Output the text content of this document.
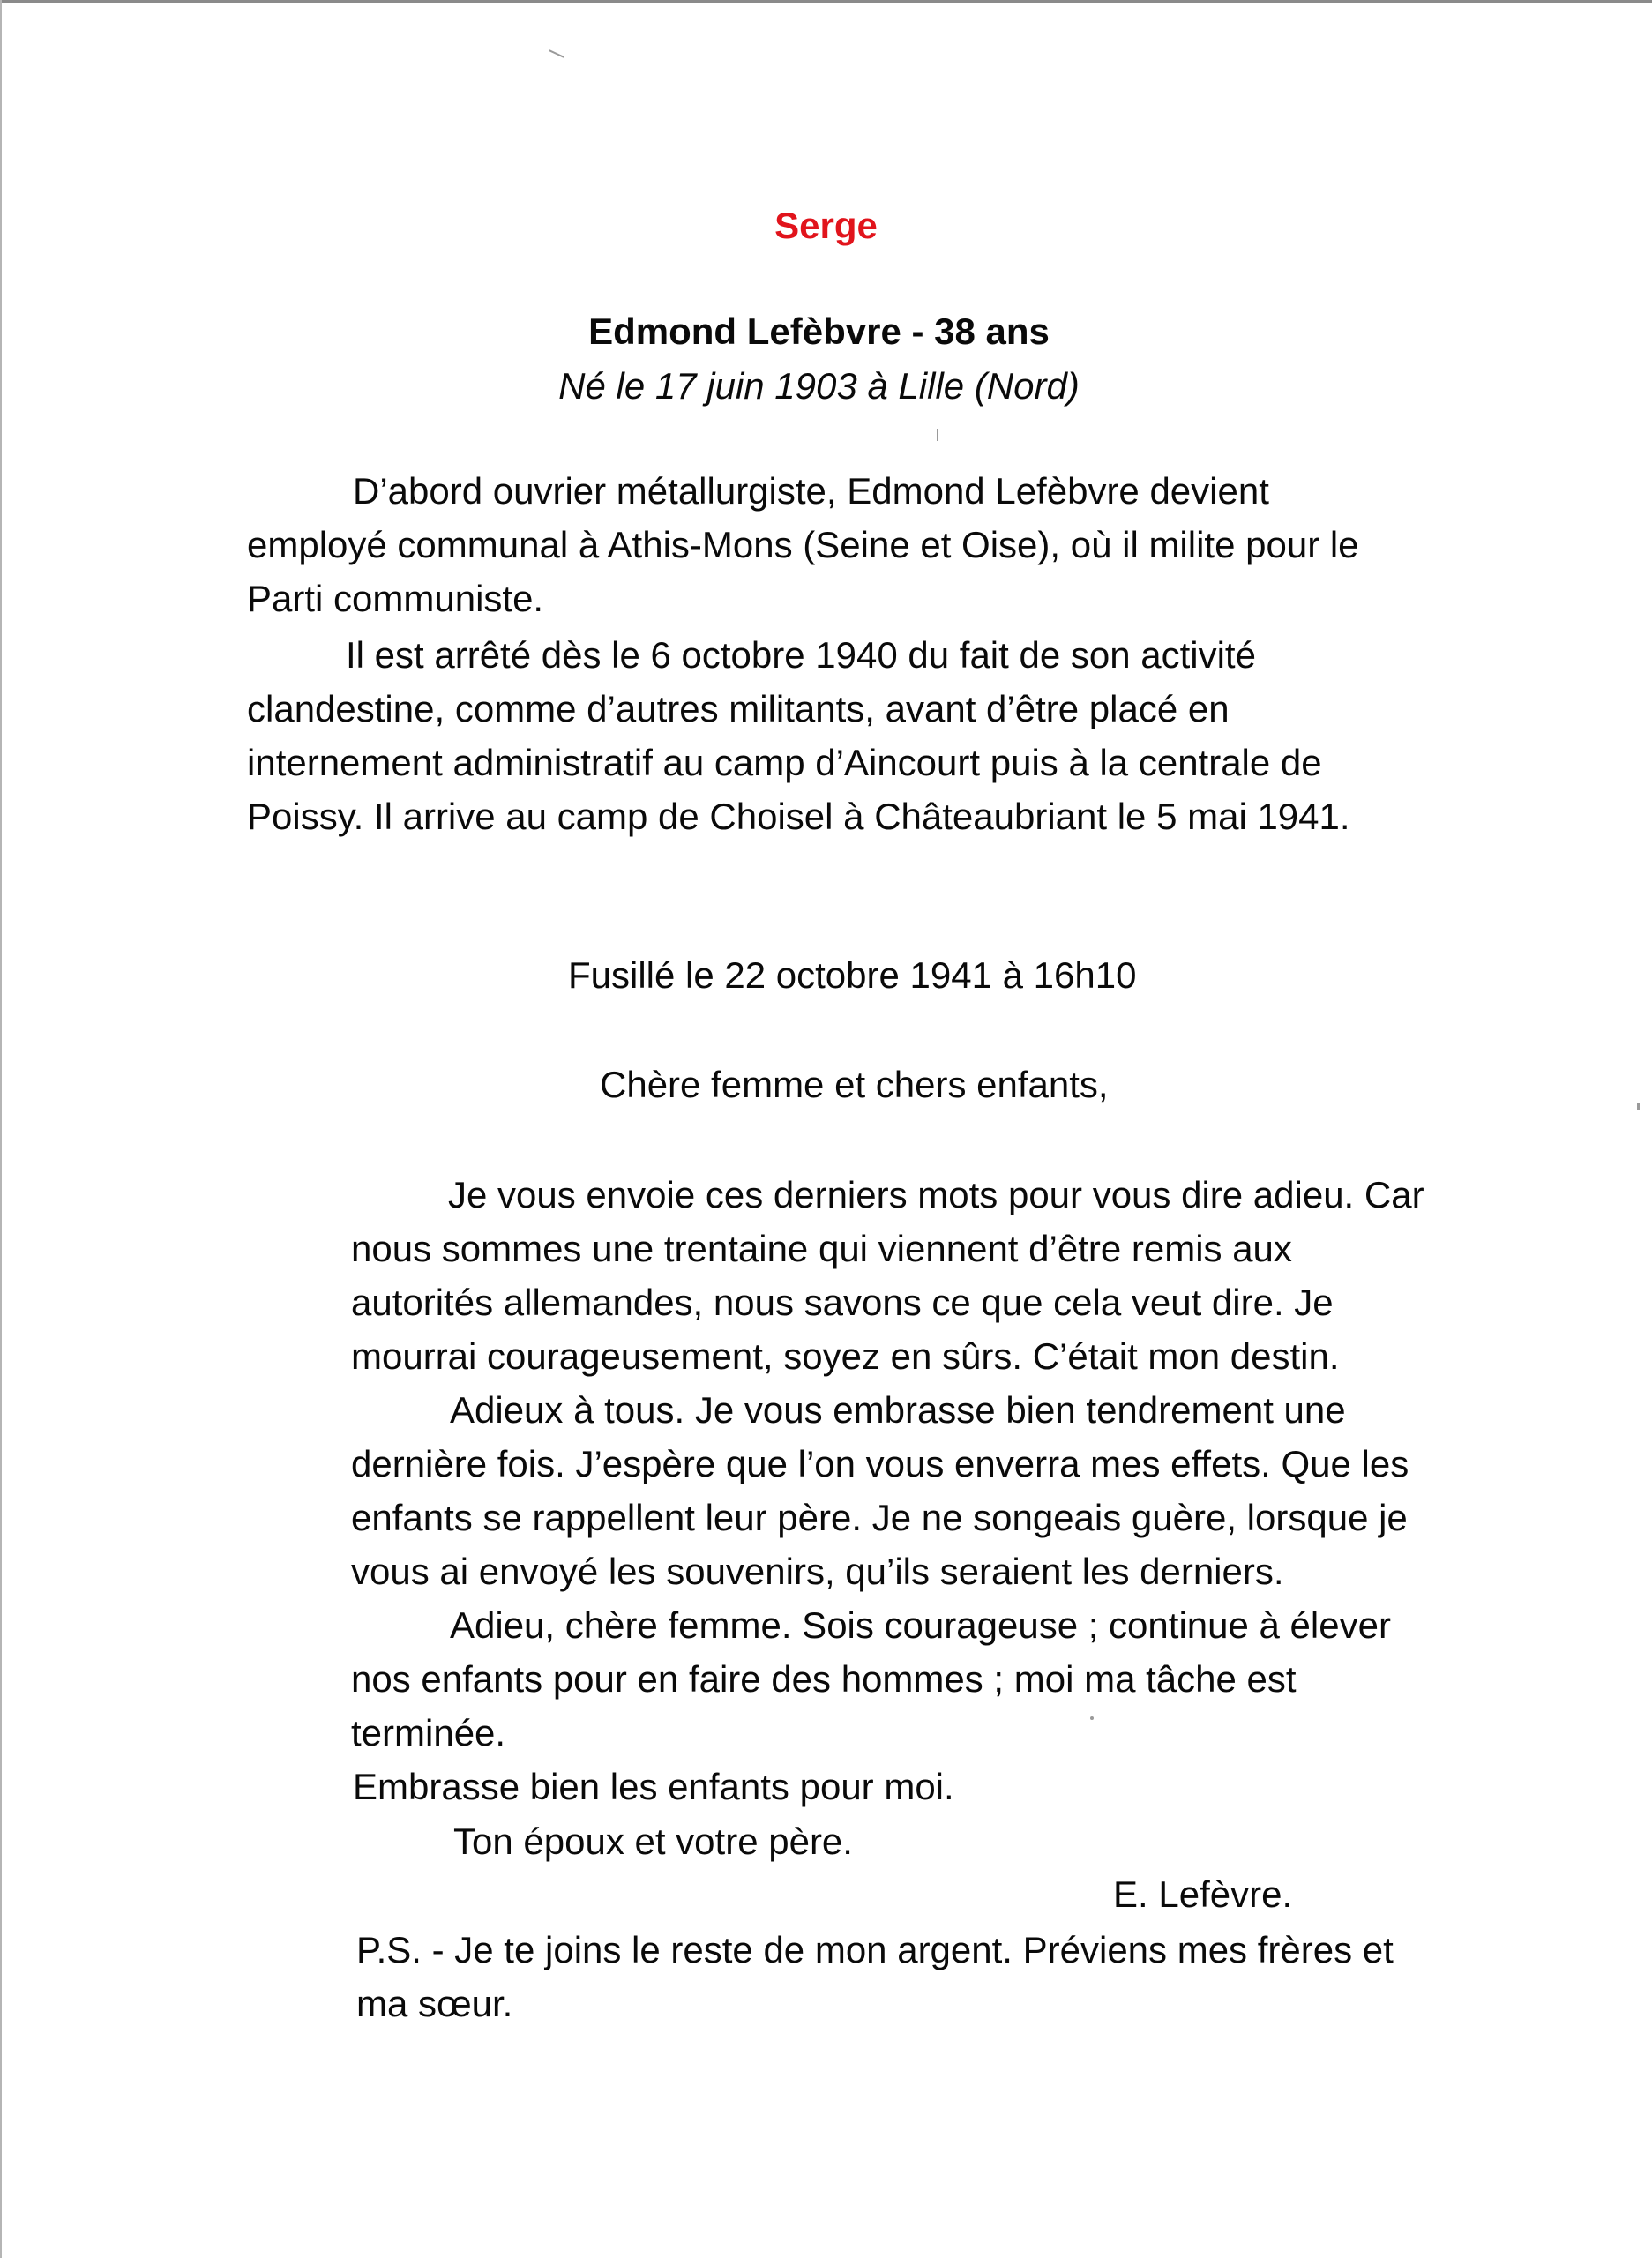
Serge
Edmond Lefèbvre - 38 ans
Né le 17 juin 1903 à Lille (Nord)
D’abord ouvrier métallurgiste, Edmond Lefèbvre devient
employé communal à Athis-Mons (Seine et Oise), où il milite pour le
Parti communiste.
Il est arrêté dès le 6 octobre 1940 du fait de son activité
clandestine, comme d’autres militants, avant d’être placé en
internement administratif au camp d’Aincourt puis à la centrale de
Poissy. Il arrive au camp de Choisel à Châteaubriant le 5 mai 1941.
Fusillé le 22 octobre 1941 à 16h10
Chère femme et chers enfants,
Je vous envoie ces derniers mots pour vous dire adieu. Car
nous sommes une trentaine qui viennent d’être remis aux
autorités allemandes, nous savons ce que cela veut dire. Je
mourrai courageusement, soyez en sûrs. C’était mon destin.
Adieux à tous. Je vous embrasse bien tendrement une
dernière fois. J’espère que l’on vous enverra mes effets. Que les
enfants se rappellent leur père. Je ne songeais guère, lorsque je
vous ai envoyé les souvenirs, qu’ils seraient les derniers.
Adieu, chère femme. Sois courageuse ; continue à élever
nos enfants pour en faire des hommes ; moi ma tâche est
terminée.
Embrasse bien les enfants pour moi.
Ton époux et votre père.
E. Lefèvre.
P.S. - Je te joins le reste de mon argent. Préviens mes frères et
ma sœur.
